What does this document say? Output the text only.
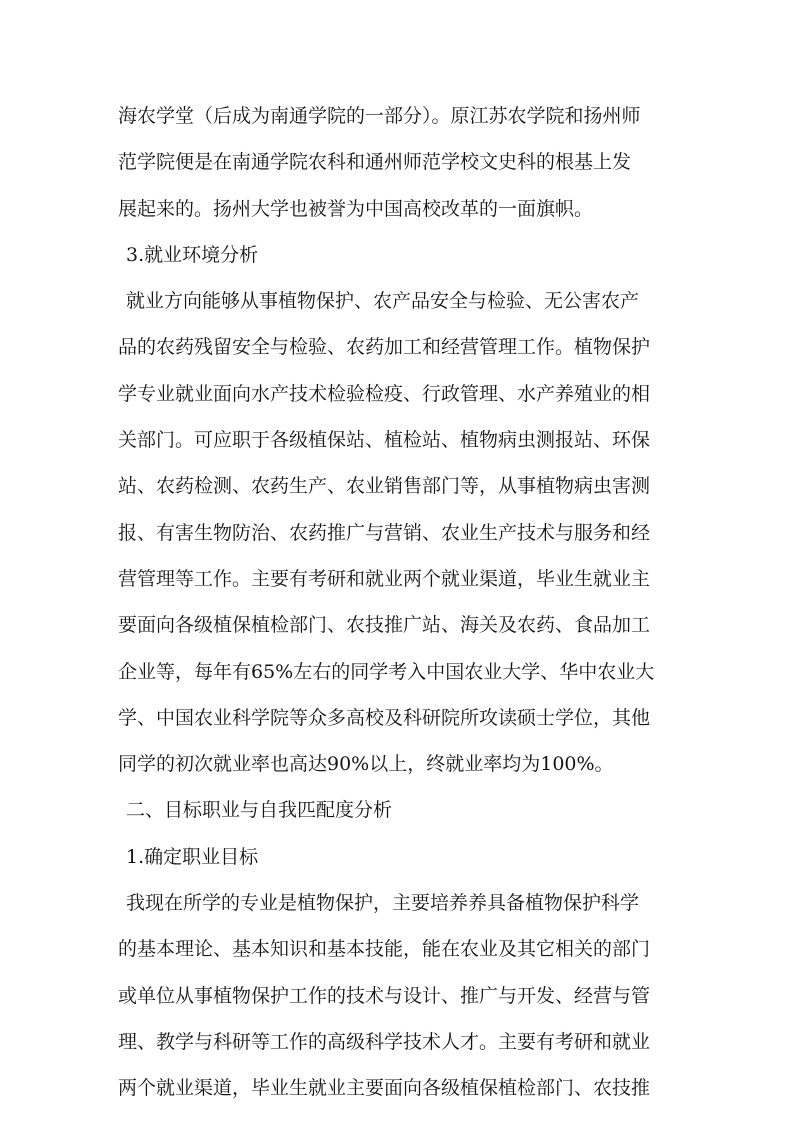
海农学堂（后成为南通学院的一部分）。原江苏农学院和扬州师
范学院便是在南通学院农科和通州师范学校文史科的根基上发
展起来的。扬州大学也被誉为中国高校改革的一面旗帜。
3.就业环境分析
就业方向能够从事植物保护、农产品安全与检验、无公害农产
品的农药残留安全与检验、农药加工和经营管理工作。植物保护
学专业就业面向水产技术检验检疫、行政管理、水产养殖业的相
关部门。可应职于各级植保站、植检站、植物病虫测报站、环保
站、农药检测、农药生产、农业销售部门等，从事植物病虫害测
报、有害生物防治、农药推广与营销、农业生产技术与服务和经
营管理等工作。主要有考研和就业两个就业渠道，毕业生就业主
要面向各级植保植检部门、农技推广站、海关及农药、食品加工
企业等，每年有65%左右的同学考入中国农业大学、华中农业大
学、中国农业科学院等众多高校及科研院所攻读硕士学位，其他
同学的初次就业率也高达90%以上，终就业率均为100%。
二、目标职业与自我匹配度分析
1.确定职业目标
我现在所学的专业是植物保护，主要培养养具备植物保护科学
的基本理论、基本知识和基本技能，能在农业及其它相关的部门
或单位从事植物保护工作的技术与设计、推广与开发、经营与管
理、教学与科研等工作的高级科学技术人才。主要有考研和就业
两个就业渠道，毕业生就业主要面向各级植保植检部门、农技推
